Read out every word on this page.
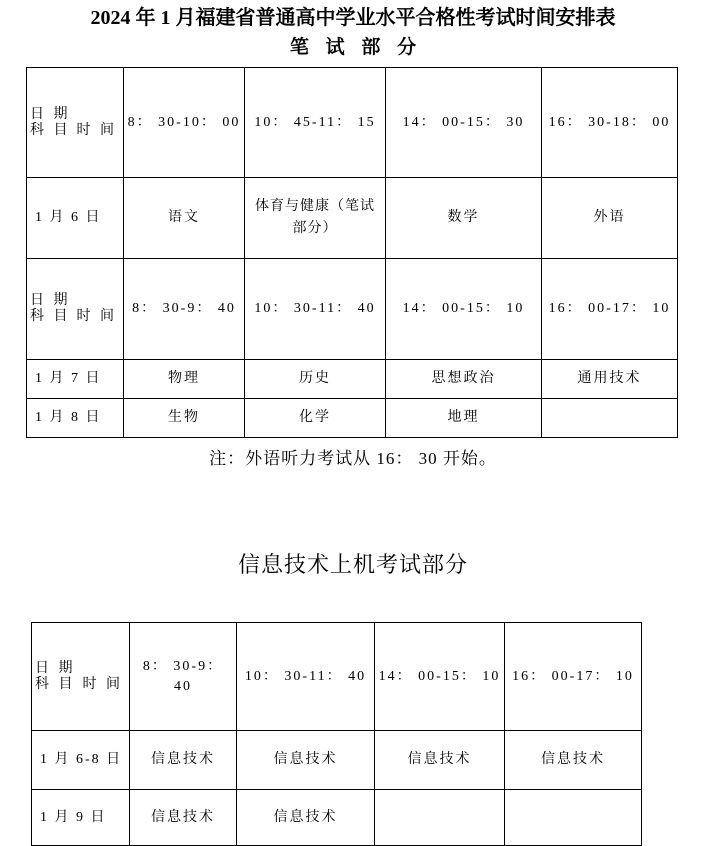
2024 年 1 月福建省普通高中学业水平合格性考试时间安排表
笔 试 部 分
时 间
科 目
日 期	8： 30-10： 00	10： 45-11： 15	14： 00-15： 30	16： 30-18： 00
1 月 6 日	语文	体育与健康（笔试部分）	数学	外语

时 间
科 目
日 期	8： 30-9： 40	10： 30-11： 40	14： 00-15： 10	16： 00-17： 10
1 月 7 日	物理	历史	思想政治	通用技术
1 月 8 日	生物	化学	地理	
注：外语听力考试从 16： 30 开始。
信息技术上机考试部分
时 间
科 目
日 期	8： 30-9： 40	10： 30-11： 40	14： 00-15： 10	16： 00-17： 10
1 月 6-8 日	信息技术	信息技术	信息技术	信息技术
1 月 9 日	信息技术	信息技术		
